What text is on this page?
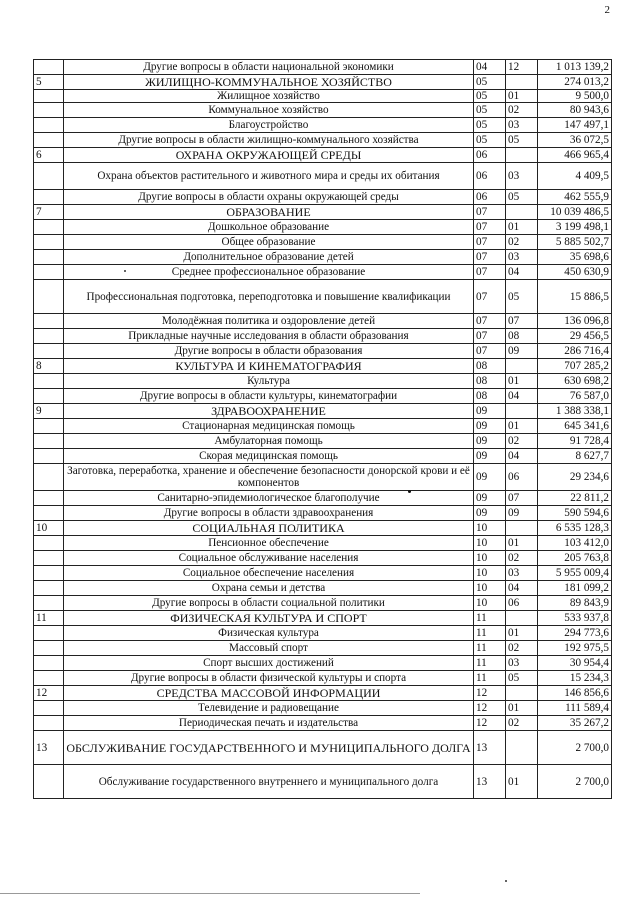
2
	Другие вопросы в области национальной экономики	04	12	1 013 139,2
5	ЖИЛИЩНО-КОММУНАЛЬНОЕ ХОЗЯЙСТВО	05		274 013,2
	Жилищное хозяйство	05	01	9 500,0
	Коммунальное хозяйство	05	02	80 943,6
	Благоустройство	05	03	147 497,1
	Другие вопросы в области жилищно-коммунального хозяйства	05	05	36 072,5
6	ОХРАНА ОКРУЖАЮЩЕЙ СРЕДЫ	06		466 965,4
	Охрана объектов растительного и животного мира и среды их обитания	06	03	4 409,5
	Другие вопросы в области охраны окружающей среды	06	05	462 555,9
7	ОБРАЗОВАНИЕ	07		10 039 486,5
	Дошкольное образование	07	01	3 199 498,1
	Общее образование	07	02	5 885 502,7
	Дополнительное образование детей	07	03	35 698,6
	Среднее профессиональное образование	07	04	450 630,9
	Профессиональная подготовка, переподготовка и повышение квалификации	07	05	15 886,5
	Молодёжная политика и оздоровление детей	07	07	136 096,8
	Прикладные научные исследования в области образования	07	08	29 456,5
	Другие вопросы в области образования	07	09	286 716,4
8	КУЛЬТУРА И КИНЕМАТОГРАФИЯ	08		707 285,2
	Культура	08	01	630 698,2
	Другие вопросы в области культуры, кинематографии	08	04	76 587,0
9	ЗДРАВООХРАНЕНИЕ	09		1 388 338,1
	Стационарная медицинская помощь	09	01	645 341,6
	Амбулаторная помощь	09	02	91 728,4
	Скорая медицинская помощь	09	04	8 627,7
	Заготовка, переработка, хранение и обеспечение безопасности донорской крови и её компонентов	09	06	29 234,6
	Санитарно-эпидемиологическое благополучие	09	07	22 811,2
	Другие вопросы в области здравоохранения	09	09	590 594,6
10	СОЦИАЛЬНАЯ ПОЛИТИКА	10		6 535 128,3
	Пенсионное обеспечение	10	01	103 412,0
	Социальное обслуживание населения	10	02	205 763,8
	Социальное обеспечение населения	10	03	5 955 009,4
	Охрана семьи и детства	10	04	181 099,2
	Другие вопросы в области социальной политики	10	06	89 843,9
11	ФИЗИЧЕСКАЯ КУЛЬТУРА И СПОРТ	11		533 937,8
	Физическая культура	11	01	294 773,6
	Массовый спорт	11	02	192 975,5
	Спорт высших достижений	11	03	30 954,4
	Другие вопросы в области физической культуры и спорта	11	05	15 234,3
12	СРЕДСТВА МАССОВОЙ ИНФОРМАЦИИ	12		146 856,6
	Телевидение и радиовещание	12	01	111 589,4
	Периодическая печать и издательства	12	02	35 267,2
13	ОБСЛУЖИВАНИЕ ГОСУДАРСТВЕННОГО И МУНИЦИПАЛЬНОГО ДОЛГА	13		2 700,0
	Обслуживание государственного внутреннего и муниципального долга	13	01	2 700,0
